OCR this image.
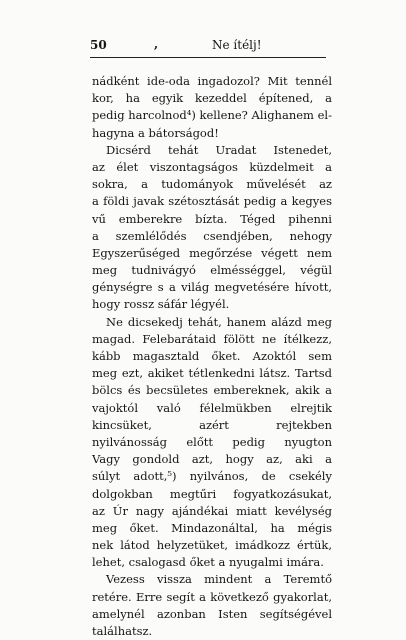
50	,	Ne ítélj!
nádként ide-oda ingadozol? Mit tennél
kor, ha egyik kezeddel építened, a
pedig harcolnod⁴) kellene? Alighanem el-
hagyna a bátorságod!
Dicsérd tehát Uradat Istenedet,
az élet viszontagságos küzdelmeit a
sokra, a tudományok művelését az
a földi javak szétosztását pedig a kegyes
vű emberekre bízta. Téged pihenni
a szemlélődés csendjében, nehogy
Egyszerűséged megőrzése végett nem
meg tudnivágyó elmésséggel, végül
génységre s a világ megvetésére hívott,
hogy rossz sáfár légyél.
Ne dicsekedj tehát, hanem alázd meg
magad. Felebarátaid fölött ne ítélkezz,
kább magasztald őket. Azoktól sem
meg ezt, akiket tétlenkedni látsz. Tartsd
bölcs és becsületes embereknek, akik a
vajoktól való félelmükben elrejtik
kincsüket, azért rejtekben
nyilvánosság előtt pedig nyugton
Vagy gondold azt, hogy az, aki a
súlyt adott,⁵) nyilvános, de csekély
dolgokban megtűri fogyatkozásukat,
az Úr nagy ajándékai miatt kevélység
meg őket. Mindazonáltal, ha mégis
nek látod helyzetüket, imádkozz értük,
lehet, csalogasd őket a nyugalmi imára.
Vezess vissza mindent a Teremtő
retére. Erre segít a következő gyakorlat,
amelynél azonban Isten segítségével
találhatsz.
